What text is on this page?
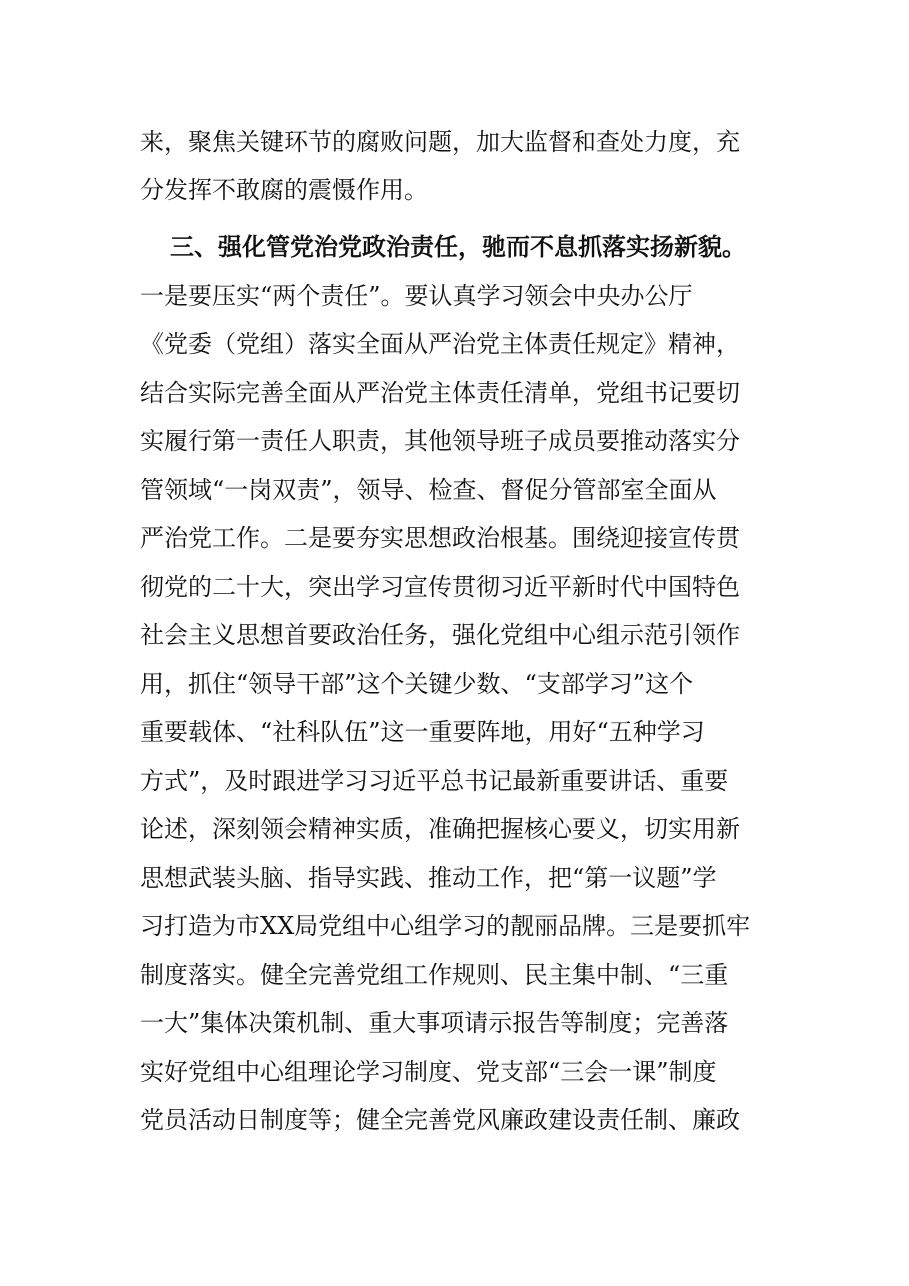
来，聚焦关键环节的腐败问题，加大监督和查处力度，充
分发挥不敢腐的震慑作用。
三、强化管党治党政治责任，驰而不息抓落实扬新貌。
一是要压实“两个责任”。要认真学习领会中央办公厅
《党委（党组）落实全面从严治党主体责任规定》精神，
结合实际完善全面从严治党主体责任清单，党组书记要切
实履行第一责任人职责，其他领导班子成员要推动落实分
管领域“一岗双责”，领导、检查、督促分管部室全面从
严治党工作。二是要夯实思想政治根基。围绕迎接宣传贯
彻党的二十大，突出学习宣传贯彻习近平新时代中国特色
社会主义思想首要政治任务，强化党组中心组示范引领作
用，抓住“领导干部”这个关键少数、“支部学习”这个
重要载体、“社科队伍”这一重要阵地，用好“五种学习
方式”，及时跟进学习习近平总书记最新重要讲话、重要
论述，深刻领会精神实质，准确把握核心要义，切实用新
思想武装头脑、指导实践、推动工作，把“第一议题”学
习打造为市XX局党组中心组学习的靓丽品牌。三是要抓牢
制度落实。健全完善党组工作规则、民主集中制、“三重
一大”集体决策机制、重大事项请示报告等制度；完善落
实好党组中心组理论学习制度、党支部“三会一课”制度
党员活动日制度等；健全完善党风廉政建设责任制、廉政
